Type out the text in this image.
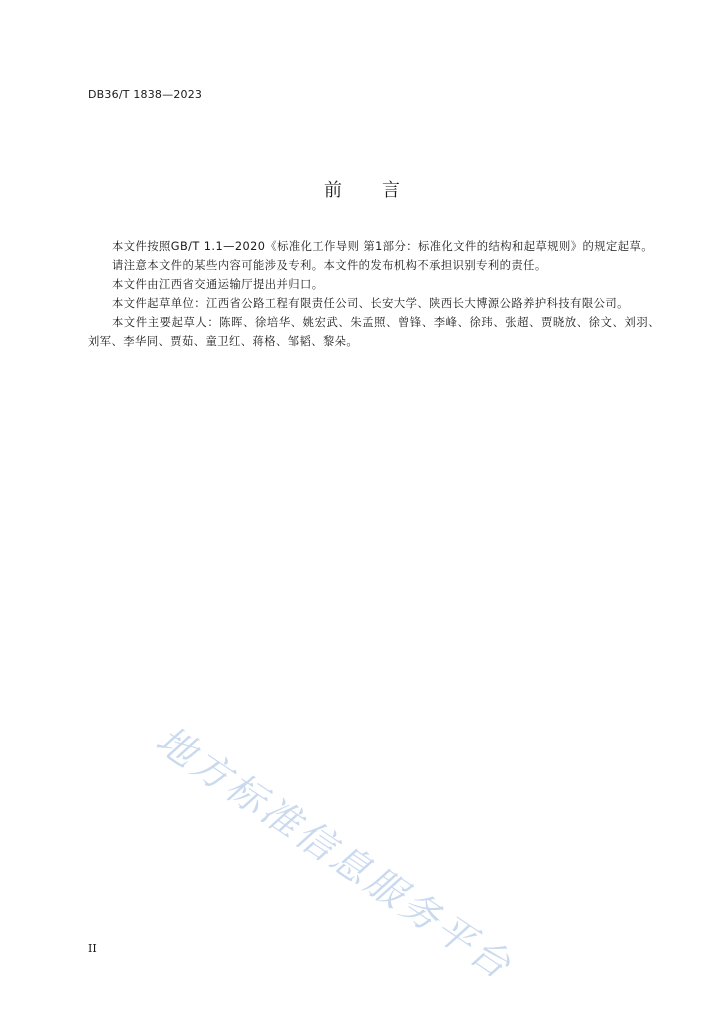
DB36/T 1838—2023
前言

本文件按照GB/T 1.1—2020《标准化工作导则 第1部分：标准化文件的结构和起草规则》的规定起草。

请注意本文件的某些内容可能涉及专利。本文件的发布机构不承担识别专利的责任。

本文件由江西省交通运输厅提出并归口。

本文件起草单位：江西省公路工程有限责任公司、长安大学、陕西长大博源公路养护科技有限公司。

本文件主要起草人：陈晖、徐培华、姚宏武、朱孟照、曾锋、李峰、徐玮、张超、贾晓放、徐文、刘羽、刘军、李华同、贾茹、童卫红、蒋格、邹韬、黎朵。

地方标准信息服务平台
II
